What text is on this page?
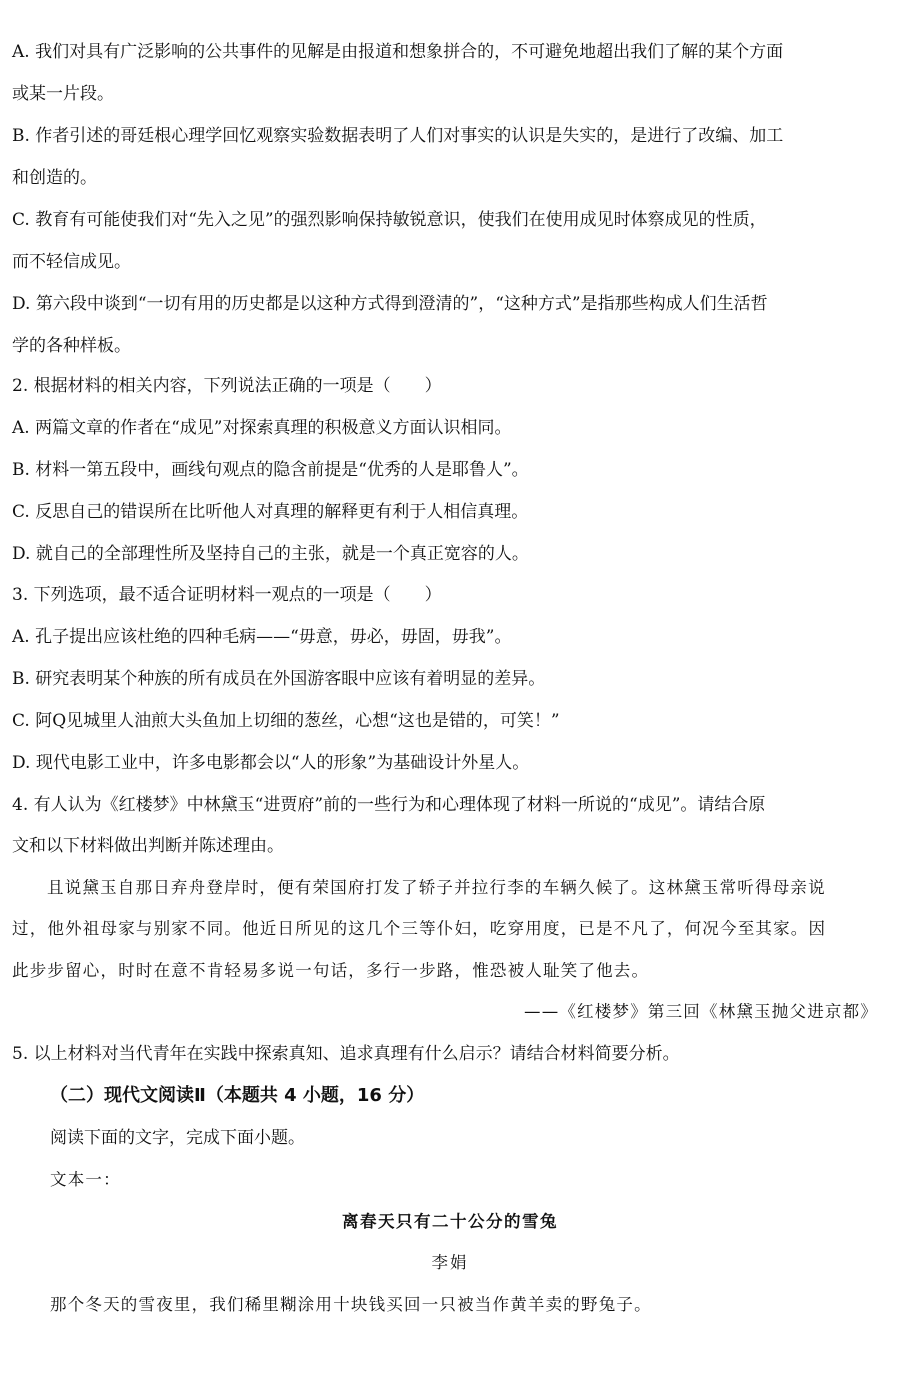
A. 我们对具有广泛影响的公共事件的见解是由报道和想象拼合的，不可避免地超出我们了解的某个方面
或某一片段。
B. 作者引述的哥廷根心理学回忆观察实验数据表明了人们对事实的认识是失实的，是进行了改编、加工
和创造的。
C. 教育有可能使我们对“先入之见”的强烈影响保持敏锐意识，使我们在使用成见时体察成见的性质，
而不轻信成见。
D. 第六段中谈到“一切有用的历史都是以这种方式得到澄清的”，“这种方式”是指那些构成人们生活哲
学的各种样板。
2. 根据材料的相关内容，下列说法正确的一项是（　　）
A. 两篇文章的作者在“成见”对探索真理的积极意义方面认识相同。
B. 材料一第五段中，画线句观点的隐含前提是“优秀的人是耶鲁人”。
C. 反思自己的错误所在比听他人对真理的解释更有利于人相信真理。
D. 就自己的全部理性所及坚持自己的主张，就是一个真正宽容的人。
3. 下列选项，最不适合证明材料一观点的一项是（　　）
A. 孔子提出应该杜绝的四种毛病——“毋意，毋必，毋固，毋我”。
B. 研究表明某个种族的所有成员在外国游客眼中应该有着明显的差异。
C. 阿Q见城里人油煎大头鱼加上切细的葱丝，心想“这也是错的，可笑！”
D. 现代电影工业中，许多电影都会以“人的形象”为基础设计外星人。
4. 有人认为《红楼梦》中林黛玉“进贾府”前的一些行为和心理体现了材料一所说的“成见”。请结合原
文和以下材料做出判断并陈述理由。
且说黛玉自那日弃舟登岸时，便有荣国府打发了轿子并拉行李的车辆久候了。这林黛玉常听得母亲说
过，他外祖母家与别家不同。他近日所见的这几个三等仆妇，吃穿用度，已是不凡了，何况今至其家。因
此步步留心，时时在意不肯轻易多说一句话，多行一步路，惟恐被人耻笑了他去。
——《红楼梦》第三回《林黛玉抛父进京都》
5. 以上材料对当代青年在实践中探索真知、追求真理有什么启示？请结合材料简要分析。
（二）现代文阅读Ⅱ（本题共 4 小题，16 分）
阅读下面的文字，完成下面小题。
文本一：
离春天只有二十公分的雪兔
李娟
那个冬天的雪夜里，我们稀里糊涂用十块钱买回一只被当作黄羊卖的野兔子。
